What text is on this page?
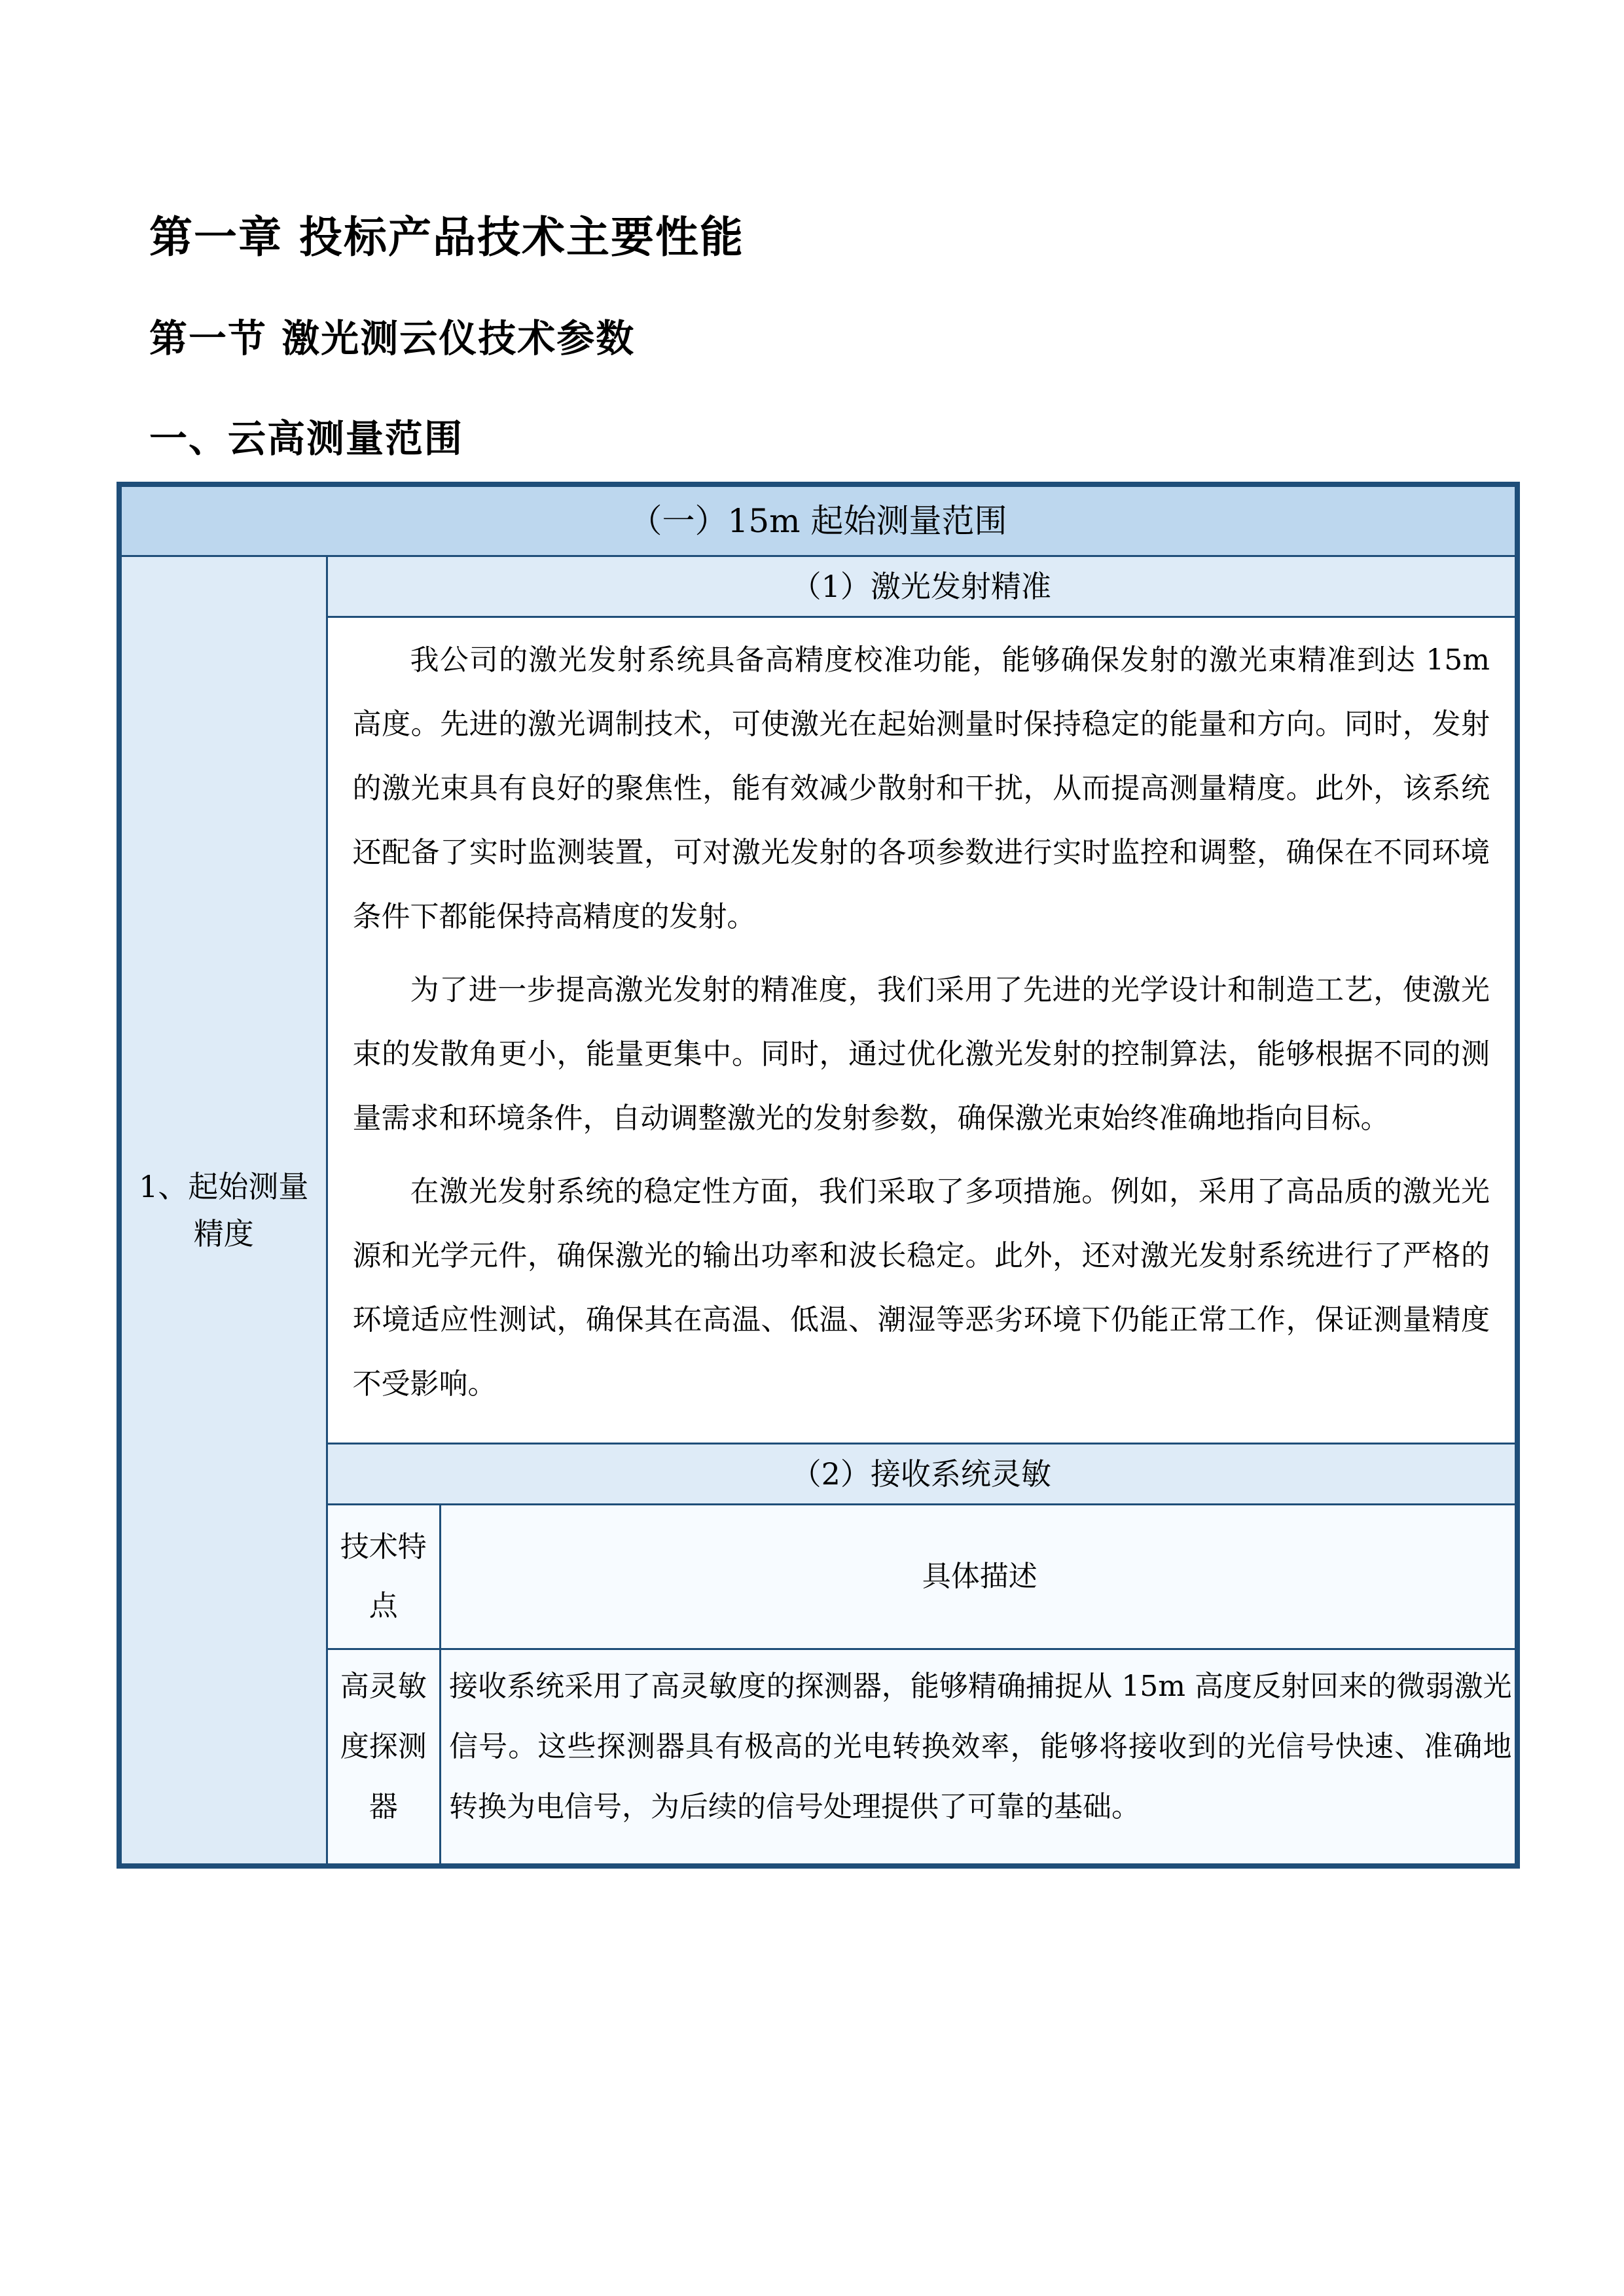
第一章 投标产品技术主要性能
第一节 激光测云仪技术参数
一、云高测量范围
（一）15m 起始测量范围
1、起始测量精度	（1）激光发射精准

我公司的激光发射系统具备高精度校准功能，能够确保发射的激光束精准到达 15m 高度。先进的激光调制技术，可使激光在起始测量时保持稳定的能量和方向。同时，发射的激光束具有良好的聚焦性，能有效减少散射和干扰，从而提高测量精度。此外，该系统还配备了实时监测装置，可对激光发射的各项参数进行实时监控和调整，确保在不同环境条件下都能保持高精度的发射。

为了进一步提高激光发射的精准度，我们采用了先进的光学设计和制造工艺，使激光束的发散角更小，能量更集中。同时，通过优化激光发射的控制算法，能够根据不同的测量需求和环境条件，自动调整激光的发射参数，确保激光束始终准确地指向目标。

在激光发射系统的稳定性方面，我们采取了多项措施。例如，采用了高品质的激光光源和光学元件，确保激光的输出功率和波长稳定。此外，还对激光发射系统进行了严格的环境适应性测试，确保其在高温、低温、潮湿等恶劣环境下仍能正常工作，保证测量精度不受影响。

（2）接收系统灵敏

技术特点	具体描述
高灵敏度探测器	接收系统采用了高灵敏度的探测器，能够精确捕捉从 15m 高度反射回来的微弱激光信号。这些探测器具有极高的光电转换效率，能够将接收到的光信号快速、准确地转换为电信号，为后续的信号处理提供了可靠的基础。
